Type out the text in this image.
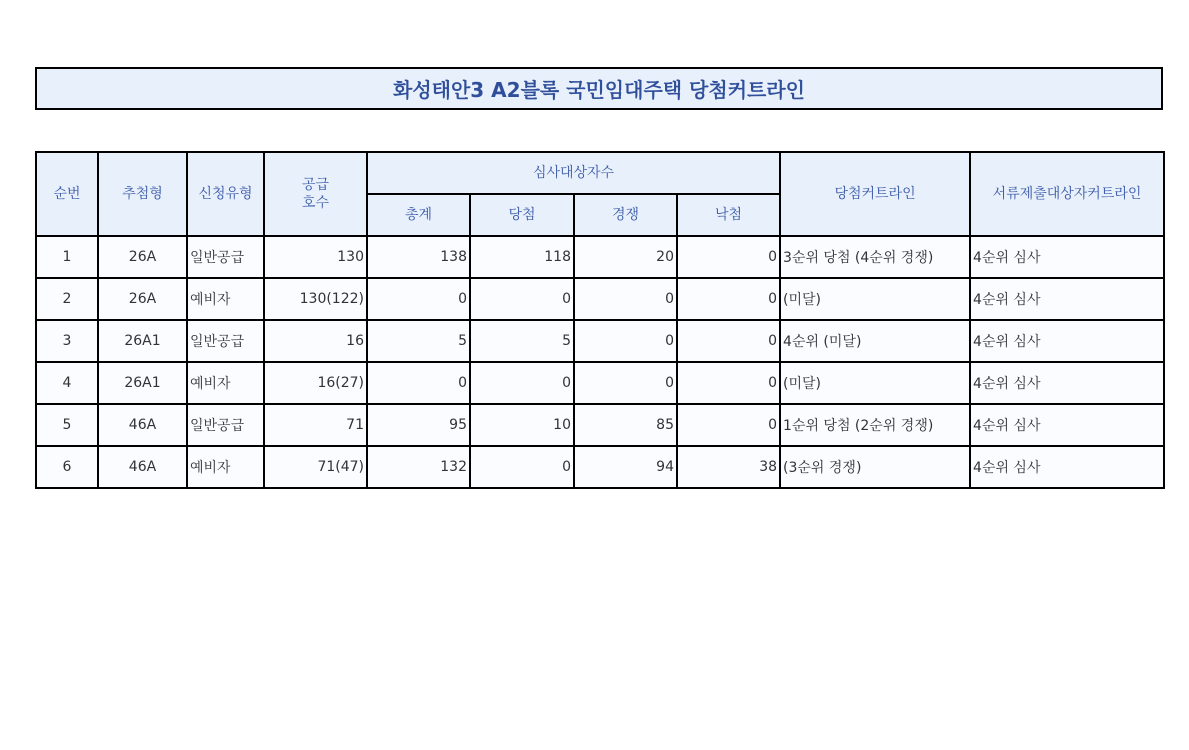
화성태안3 A2블록 국민임대주택 당첨커트라인
순번	추첨형	신청유형	공급
호수	심사대상자수				당첨커트라인	서류제출대상자커트라인
				총계	당첨	경쟁	낙첨		
1	26A	일반공급	130	138	118	20	0	3순위 당첨 (4순위 경쟁)	4순위 심사
2	26A	예비자	130(122)	0	0	0	0	(미달)	4순위 심사
3	26A1	일반공급	16	5	5	0	0	4순위 (미달)	4순위 심사
4	26A1	예비자	16(27)	0	0	0	0	(미달)	4순위 심사
5	46A	일반공급	71	95	10	85	0	1순위 당첨 (2순위 경쟁)	4순위 심사
6	46A	예비자	71(47)	132	0	94	38	(3순위 경쟁)	4순위 심사
